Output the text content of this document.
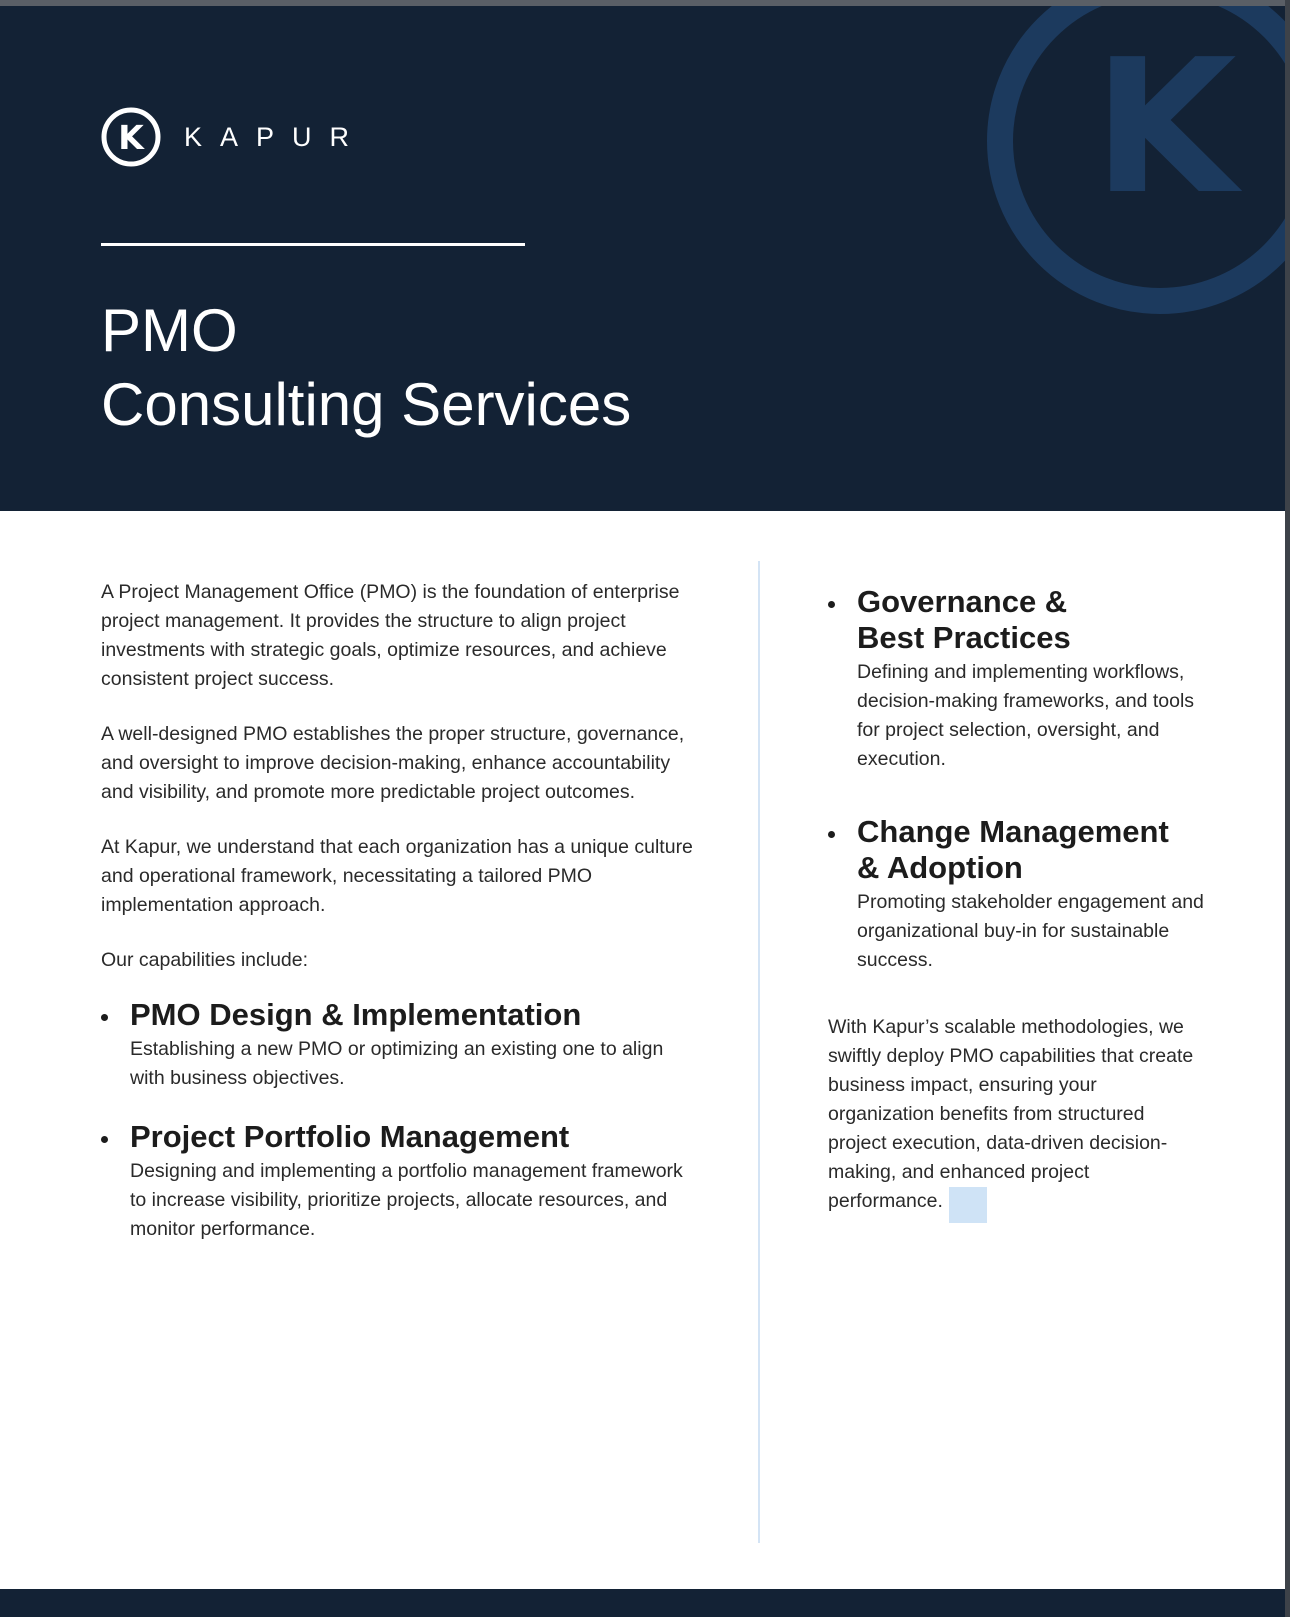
K
K KAPUR
PMO
Consulting Services

A Project Management Office (PMO) is the foundation of enterprise project management. It provides the structure to align project investments with strategic goals, optimize resources, and achieve consistent project success.

A well-designed PMO establishes the proper structure, governance, and oversight to improve decision-making, enhance accountability and visibility, and promote more predictable project outcomes.

At Kapur, we understand that each organization has a unique culture and operational framework, necessitating a tailored PMO implementation approach.

Our capabilities include:

PMO Design & Implementation

Establishing a new PMO or optimizing an existing one to align with business objectives.

Project Portfolio Management

Designing and implementing a portfolio management framework to increase visibility, prioritize projects, allocate resources, and monitor performance.

Governance &
Best Practices

Defining and implementing workflows, decision-making frameworks, and tools for project selection, oversight, and execution.

Change Management
& Adoption

Promoting stakeholder engagement and organizational buy-in for sustainable success.

With Kapur’s scalable methodologies, we swiftly deploy PMO capabilities that create business impact, ensuring your organization benefits from structured project execution, data-driven decision-making, and enhanced project performance.
